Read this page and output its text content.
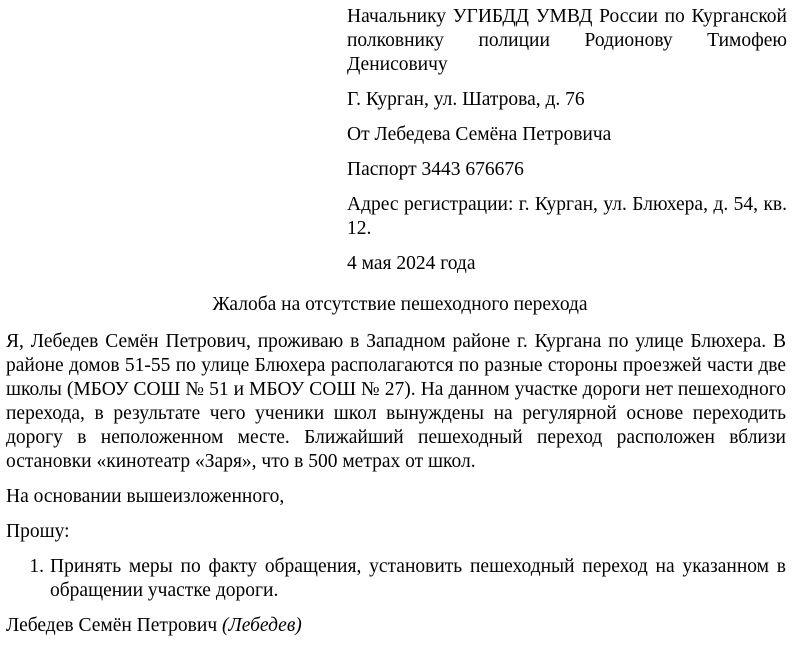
Начальнику УГИБДД УМВД России по Курганской полковнику полиции Родионову Тимофею Денисовичу

Г. Курган, ул. Шатрова, д. 76

От Лебедева Семёна Петровича

Паспорт 3443 676676

Адрес регистрации: г. Курган, ул. Блюхера, д. 54, кв. 12.

4 мая 2024 года

Жалоба на отсутствие пешеходного перехода

Я, Лебедев Семён Петрович, проживаю в Западном районе г. Кургана по улице Блюхера. В районе домов 51-55 по улице Блюхера располагаются по разные стороны проезжей части две школы (МБОУ СОШ № 51 и МБОУ СОШ № 27). На данном участке дороги нет пешеходного перехода, в результате чего ученики школ вынуждены на регулярной основе переходить дорогу в неположенном месте. Ближайший пешеходный переход расположен вблизи остановки «кинотеатр «Заря», что в 500 метрах от школ.

На основании вышеизложенного,

Прошу:

1. Принять меры по факту обращения, установить пешеходный переход на указанном в обращении участке дороги.

Лебедев Семён Петрович (Лебедев)
